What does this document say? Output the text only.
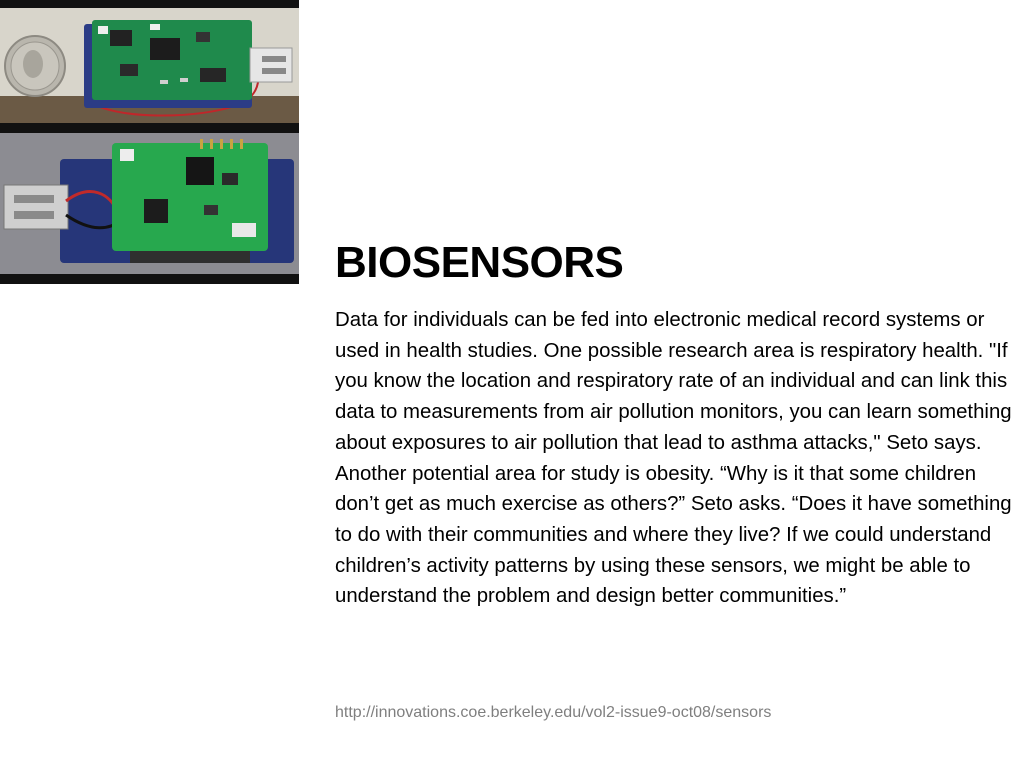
BIOSENSORS

Data for individuals can be fed into electronic medical record systems or used in health studies. One possible research area is respiratory health. "If you know the location and respiratory rate of an individual and can link this data to measurements from air pollution monitors, you can learn something about exposures to air pollution that lead to asthma attacks," Seto says. Another potential area for study is obesity. “Why is it that some children don’t get as much exercise as others?” Seto asks. “Does it have something to do with their communities and where they live? If we could understand children’s activity patterns by using these sensors, we might be able to understand the problem and design better communities.”

http://innovations.coe.berkeley.edu/vol2-issue9-oct08/sensors
